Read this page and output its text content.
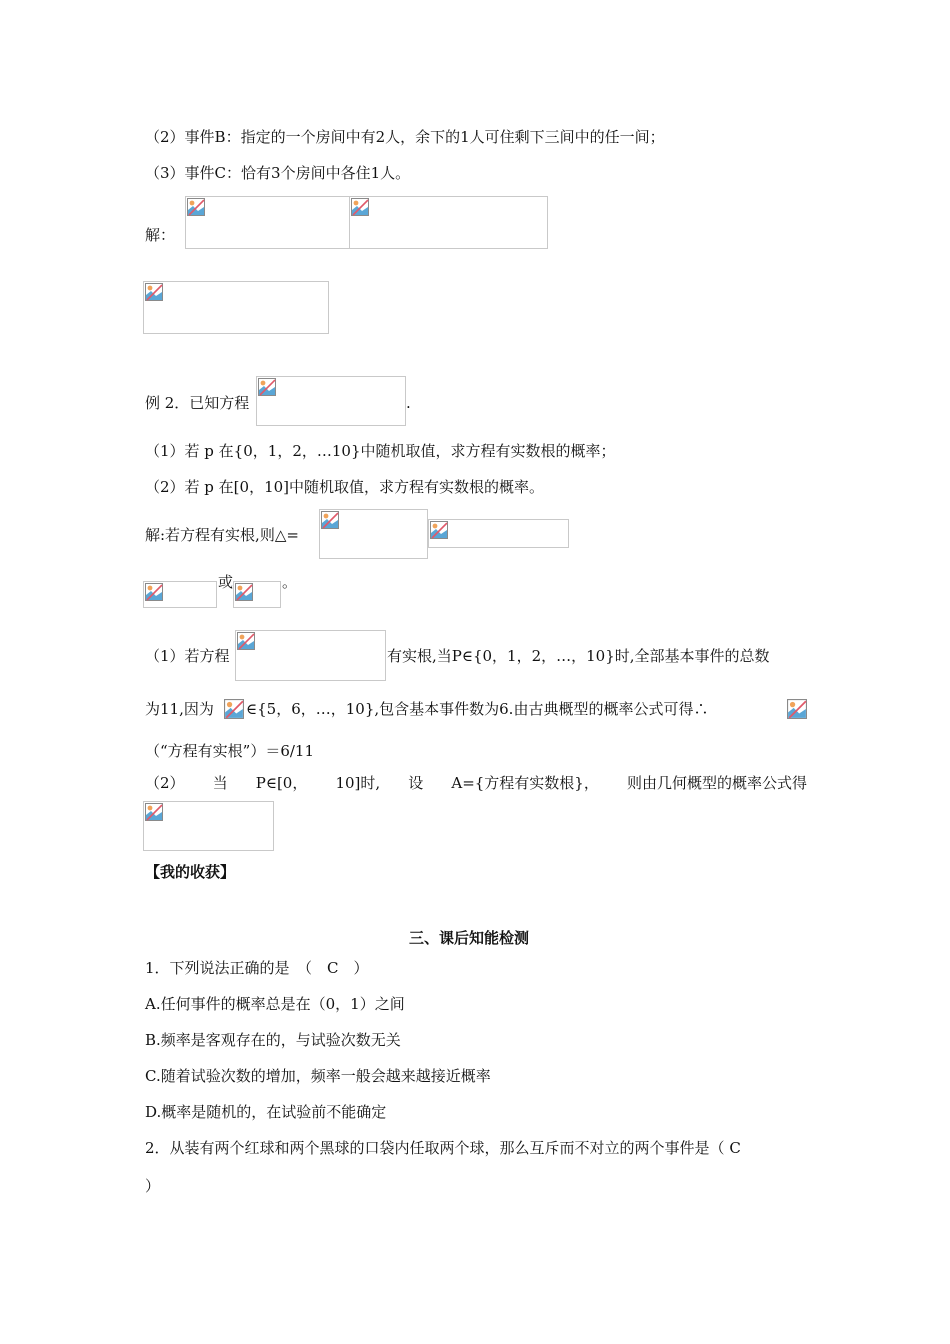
（2）事件B：指定的一个房间中有2人，余下的1人可住剩下三间中的任一间；
（3）事件C：恰有3个房间中各住1人。
解：
例 2．已知方程	.
（1）若 p 在{0，1，2，…10}中随机取值，求方程有实数根的概率；
（2）若 p 在[0，10]中随机取值，求方程有实数根的概率。
解:若方程有实根,则△=
或	。
（1）若方程	有实根,当P∈{0，1，2，…，10}时,全部基本事件的总数
为11,因为 ∈{5，6，…，10},包含基本事件数为6.由古典概型的概率公式可得∴
（“方程有实根”）＝6/11
（2） 当 P∈[0， 10]时, 设 A={方程有实数根}， 则由几何概型的概率公式得
【我的收获】
三、课后知能检测
1．下列说法正确的是　（　C　）
A.任何事件的概率总是在（0，1）之间
B.频率是客观存在的，与试验次数无关
C.随着试验次数的增加，频率一般会越来越接近概率
D.概率是随机的，在试验前不能确定
2．从装有两个红球和两个黑球的口袋内任取两个球，那么互斥而不对立的两个事件是（ C
）
